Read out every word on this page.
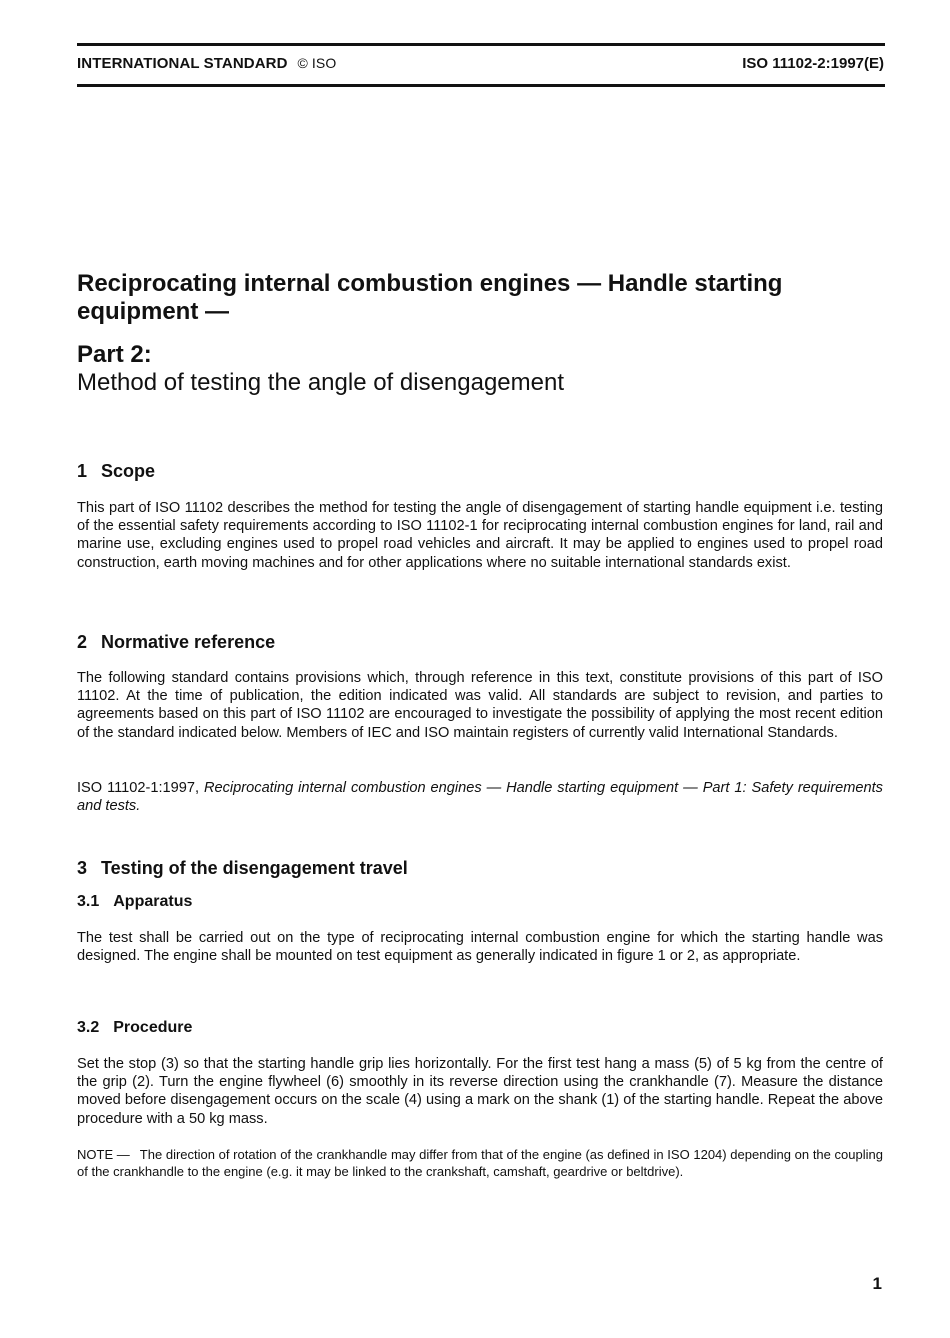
INTERNATIONAL STANDARD © ISO	ISO 11102-2:1997(E)
Reciprocating internal combustion engines — Handle starting equipment —
Part 2:
Method of testing the angle of disengagement
1 Scope
This part of ISO 11102 describes the method for testing the angle of disengagement of starting handle equipment i.e. testing of the essential safety requirements according to ISO 11102-1 for reciprocating internal combustion engines for land, rail and marine use, excluding engines used to propel road vehicles and aircraft. It may be applied to engines used to propel road construction, earth moving machines and for other applications where no suitable international standards exist.
2 Normative reference
The following standard contains provisions which, through reference in this text, constitute provisions of this part of ISO 11102. At the time of publication, the edition indicated was valid. All standards are subject to revision, and parties to agreements based on this part of ISO 11102 are encouraged to investigate the possibility of applying the most recent edition of the standard indicated below. Members of IEC and ISO maintain registers of currently valid International Standards.
ISO 11102-1:1997, Reciprocating internal combustion engines — Handle starting equipment — Part 1: Safety requirements and tests.
3 Testing of the disengagement travel
3.1 Apparatus
The test shall be carried out on the type of reciprocating internal combustion engine for which the starting handle was designed. The engine shall be mounted on test equipment as generally indicated in figure 1 or 2, as appropriate.
3.2 Procedure
Set the stop (3) so that the starting handle grip lies horizontally. For the first test hang a mass (5) of 5 kg from the centre of the grip (2). Turn the engine flywheel (6) smoothly in its reverse direction using the crankhandle (7). Measure the distance moved before disengagement occurs on the scale (4) using a mark on the shank (1) of the starting handle. Repeat the above procedure with a 50 kg mass.
NOTE — The direction of rotation of the crankhandle may differ from that of the engine (as defined in ISO 1204) depending on the coupling of the crankhandle to the engine (e.g. it may be linked to the crankshaft, camshaft, geardrive or beltdrive).
1
